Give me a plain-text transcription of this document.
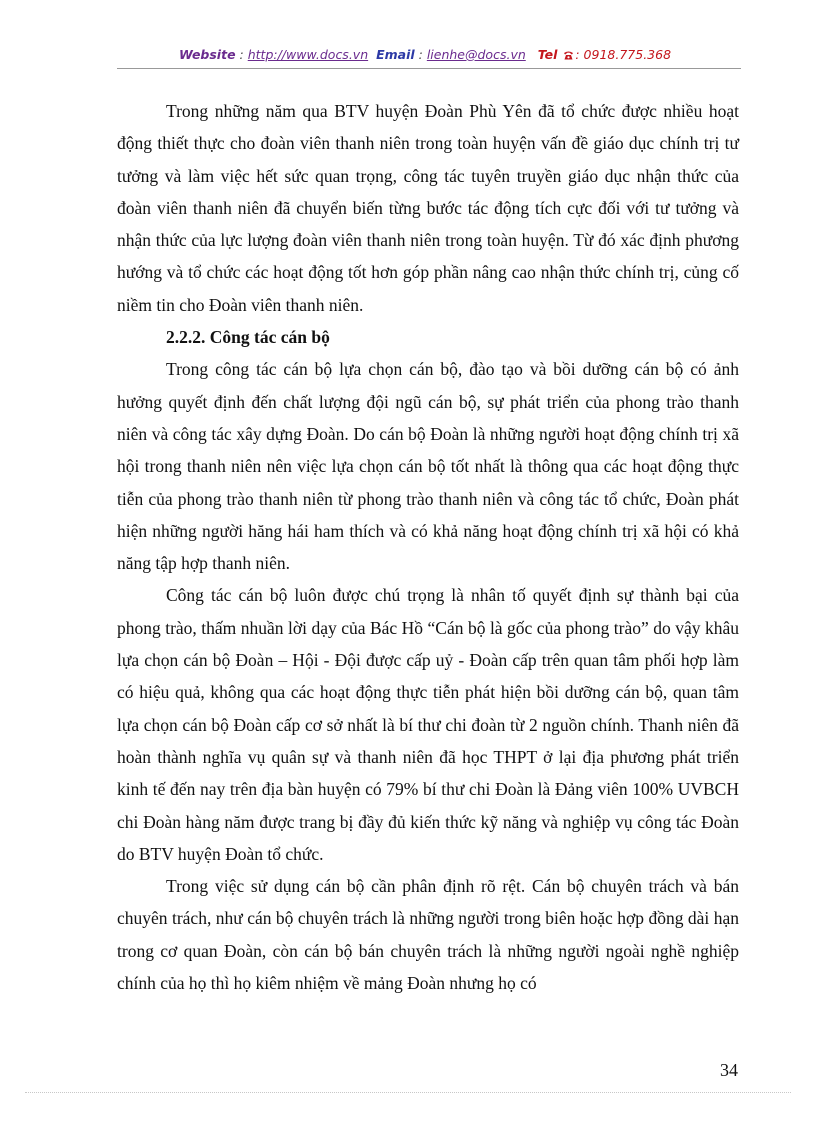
Website : http://www.docs.vn Email : lienhe@docs.vn Tel : 0918.775.368

Trong những năm qua BTV huyện Đoàn Phù Yên đã tổ chức được nhiều hoạt động thiết thực cho đoàn viên thanh niên trong toàn huyện vấn đề giáo dục chính trị tư tưởng và làm việc hết sức quan trọng, công tác tuyên truyền giáo dục nhận thức của đoàn viên thanh niên đã chuyển biến từng bước tác động tích cực đối với tư tưởng và nhận thức của lực lượng đoàn viên thanh niên trong toàn huyện. Từ đó xác định phương hướng và tổ chức các hoạt động tốt hơn góp phần nâng cao nhận thức chính trị, củng cố niềm tin cho Đoàn viên thanh niên.

2.2.2. Công tác cán bộ

Trong công tác cán bộ lựa chọn cán bộ, đào tạo và bồi dưỡng cán bộ có ảnh hưởng quyết định đến chất lượng đội ngũ cán bộ, sự phát triển của phong trào thanh niên và công tác xây dựng Đoàn. Do cán bộ Đoàn là những người hoạt động chính trị xã hội trong thanh niên nên việc lựa chọn cán bộ tốt nhất là thông qua các hoạt động thực tiễn của phong trào thanh niên từ phong trào thanh niên và công tác tổ chức, Đoàn phát hiện những người hăng hái ham thích và có khả năng hoạt động chính trị xã hội có khả năng tập hợp thanh niên.

Công tác cán bộ luôn được chú trọng là nhân tố quyết định sự thành bại của phong trào, thấm nhuần lời dạy của Bác Hồ “Cán bộ là gốc của phong trào” do vậy khâu lựa chọn cán bộ Đoàn – Hội - Đội được cấp uỷ - Đoàn cấp trên quan tâm phối hợp làm có hiệu quả, không qua các hoạt động thực tiễn phát hiện bồi dưỡng cán bộ, quan tâm lựa chọn cán bộ Đoàn cấp cơ sở nhất là bí thư chi đoàn từ 2 nguồn chính. Thanh niên đã hoàn thành nghĩa vụ quân sự và thanh niên đã học THPT ở lại địa phương phát triển kinh tế đến nay trên địa bàn huyện có 79% bí thư chi Đoàn là Đảng viên 100% UVBCH chi Đoàn hàng năm được trang bị đầy đủ kiến thức kỹ năng và nghiệp vụ công tác Đoàn do BTV huyện Đoàn tổ chức.

Trong việc sử dụng cán bộ cần phân định rõ rệt. Cán bộ chuyên trách và bán chuyên trách, như cán bộ chuyên trách là những người trong biên hoặc hợp đồng dài hạn trong cơ quan Đoàn, còn cán bộ bán chuyên trách là những người ngoài nghề nghiệp chính của họ thì họ kiêm nhiệm về mảng Đoàn nhưng họ có

34
